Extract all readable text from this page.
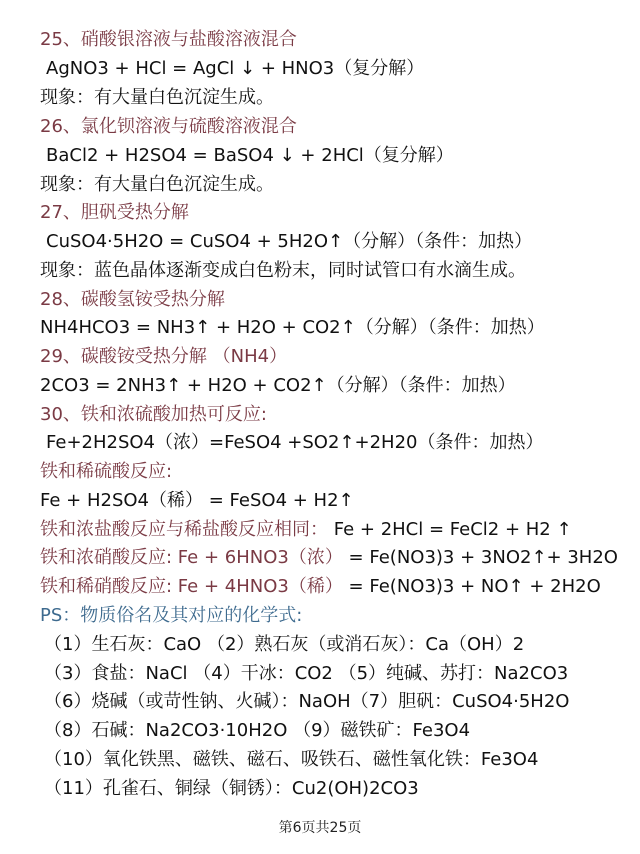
25、硝酸银溶液与盐酸溶液混合
AgNO3 + HCl = AgCl ↓ + HNO3（复分解）
现象：有大量白色沉淀生成。
26、氯化钡溶液与硫酸溶液混合
BaCl2 + H2SO4 = BaSO4 ↓ + 2HCl（复分解）
现象：有大量白色沉淀生成。
27、胆矾受热分解
CuSO4·5H2O = CuSO4 + 5H2O↑（分解）（条件：加热）
现象：蓝色晶体逐渐变成白色粉末，同时试管口有水滴生成。
28、碳酸氢铵受热分解
NH4HCO3 = NH3↑ + H2O + CO2↑（分解）（条件：加热）
29、碳酸铵受热分解 （NH4）
2CO3 = 2NH3↑ + H2O + CO2↑（分解）（条件：加热）
30、铁和浓硫酸加热可反应:
Fe+2H2SO4（浓）=FeSO4 +SO2↑+2H20（条件：加热）
铁和稀硫酸反应:
Fe + H2SO4（稀） = FeSO4 + H2↑
铁和浓盐酸反应与稀盐酸反应相同： Fe + 2HCl = FeCl2 + H2 ↑
铁和浓硝酸反应: Fe + 6HNO3（浓） = Fe(NO3)3 + 3NO2↑+ 3H2O
铁和稀硝酸反应: Fe + 4HNO3（稀） = Fe(NO3)3 + NO↑ + 2H2O
PS：物质俗名及其对应的化学式:
（1）生石灰：CaO （2）熟石灰（或消石灰）：Ca（OH）2
（3）食盐：NaCl （4）干冰：CO2 （5）纯碱、苏打：Na2CO3
（6）烧碱（或苛性钠、火碱）：NaOH（7）胆矾：CuSO4·5H2O
（8）石碱：Na2CO3·10H2O （9）磁铁矿：Fe3O4
（10）氧化铁黑、磁铁、磁石、吸铁石、磁性氧化铁：Fe3O4
（11）孔雀石、铜绿（铜锈）：Cu2(OH)2CO3
第6页共25页
